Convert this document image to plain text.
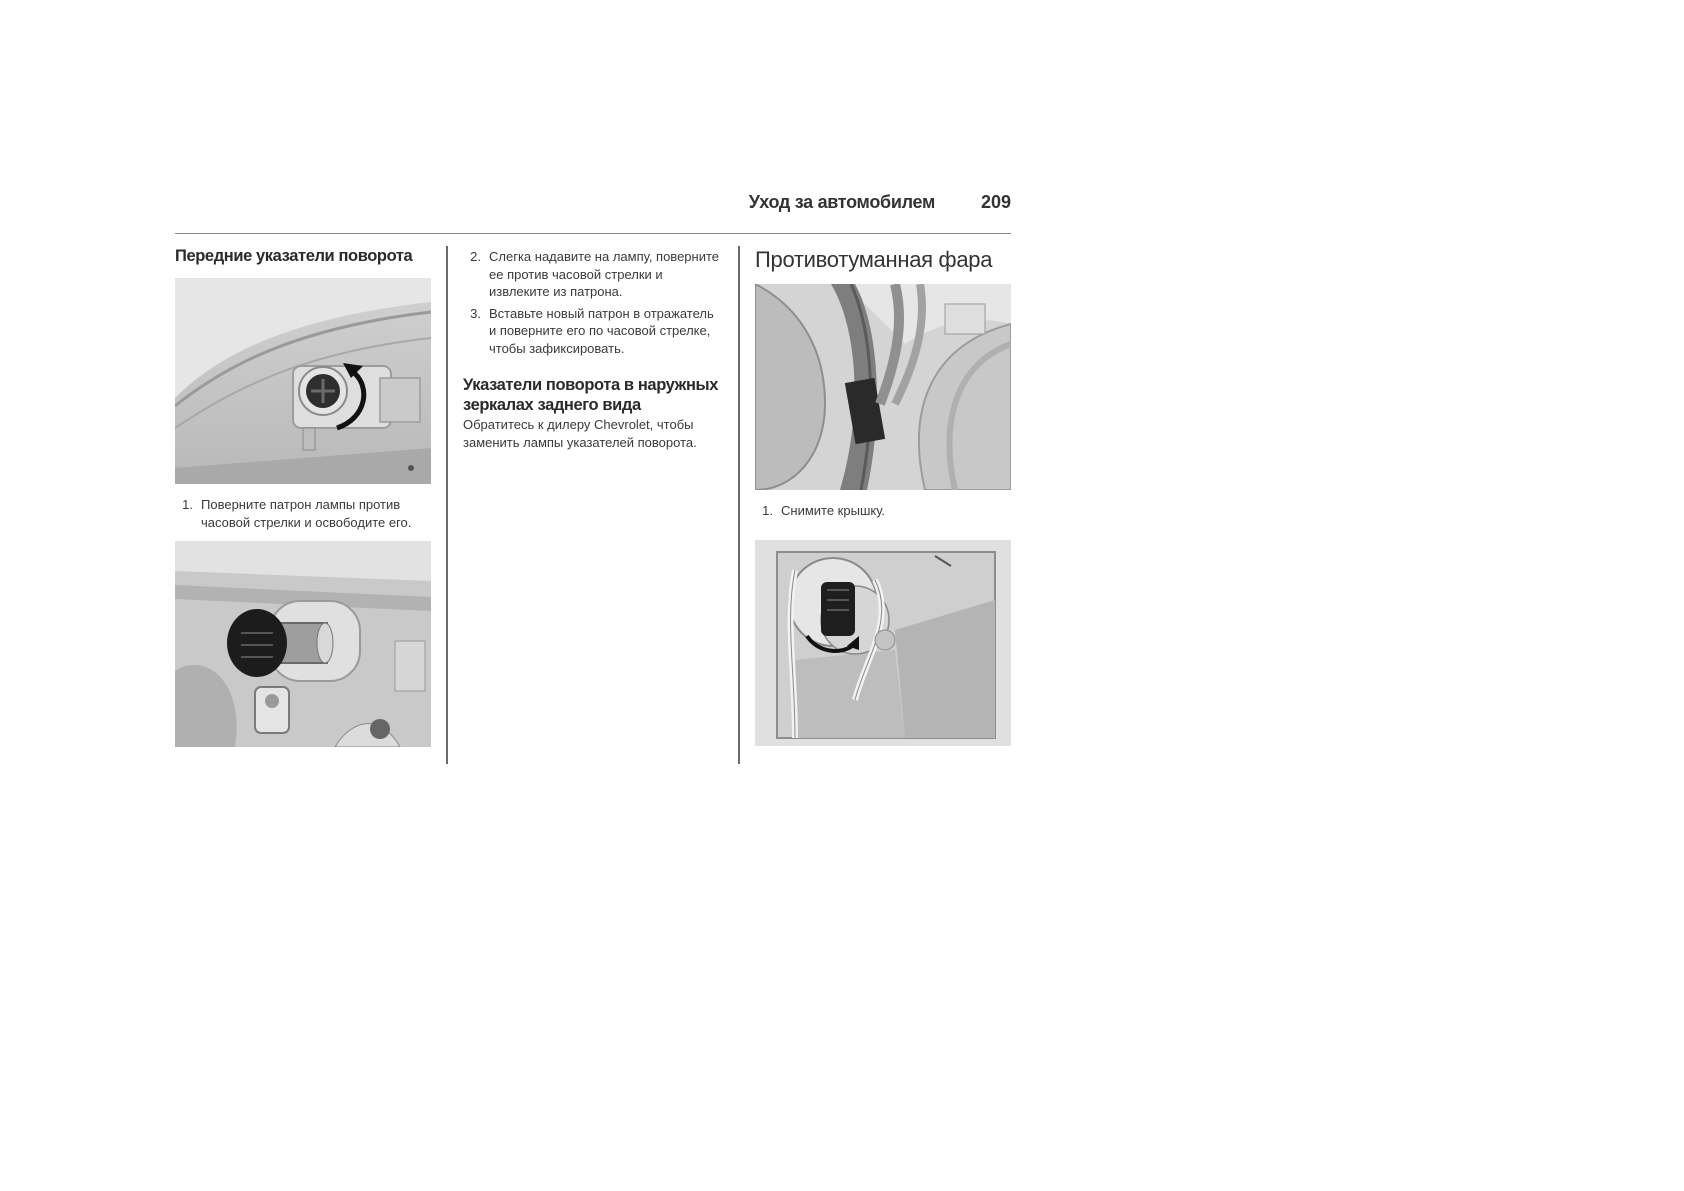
Уход за автомобилем	209
Передние указатели поворота

1. Поверните патрон лампы против часовой стрелки и освободите его.

2. Слегка надавите на лампу, поверните ее против часовой стрелки и извлеките из патрона.

3. Вставьте новый патрон в отражатель и поверните его по часовой стрелке, чтобы зафиксировать.

Указатели поворота в наружных зеркалах заднего вида

Обратитесь к дилеру Chevrolet, чтобы заменить лампы указателей поворота.

Противотуманная фара

1. Снимите крышку.
